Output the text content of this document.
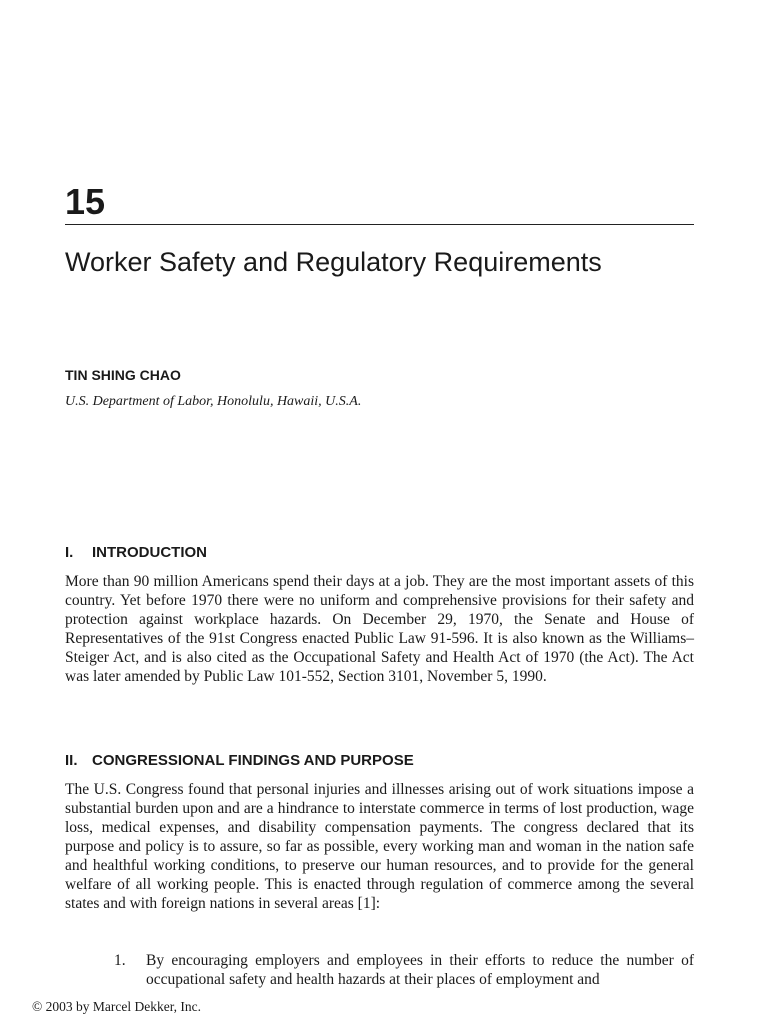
15
Worker Safety and Regulatory Requirements

TIN SHING CHAO

U.S. Department of Labor, Honolulu, Hawaii, U.S.A.

I. INTRODUCTION

More than 90 million Americans spend their days at a job. They are the most important assets of this country. Yet before 1970 there were no uniform and comprehensive provisions for their safety and protection against workplace hazards. On December 29, 1970, the Senate and House of Representatives of the 91st Congress enacted Public Law 91-596. It is also known as the Williams–Steiger Act, and is also cited as the Occupational Safety and Health Act of 1970 (the Act). The Act was later amended by Public Law 101-552, Section 3101, November 5, 1990.

II. CONGRESSIONAL FINDINGS AND PURPOSE

The U.S. Congress found that personal injuries and illnesses arising out of work situations impose a substantial burden upon and are a hindrance to interstate commerce in terms of lost production, wage loss, medical expenses, and disability compensation payments. The congress declared that its purpose and policy is to assure, so far as possible, every working man and woman in the nation safe and healthful working conditions, to preserve our human resources, and to provide for the general welfare of all working people. This is enacted through regulation of commerce among the several states and with foreign nations in several areas [1]:

1. By encouraging employers and employees in their efforts to reduce the number of occupational safety and health hazards at their places of employment and

© 2003 by Marcel Dekker, Inc.
